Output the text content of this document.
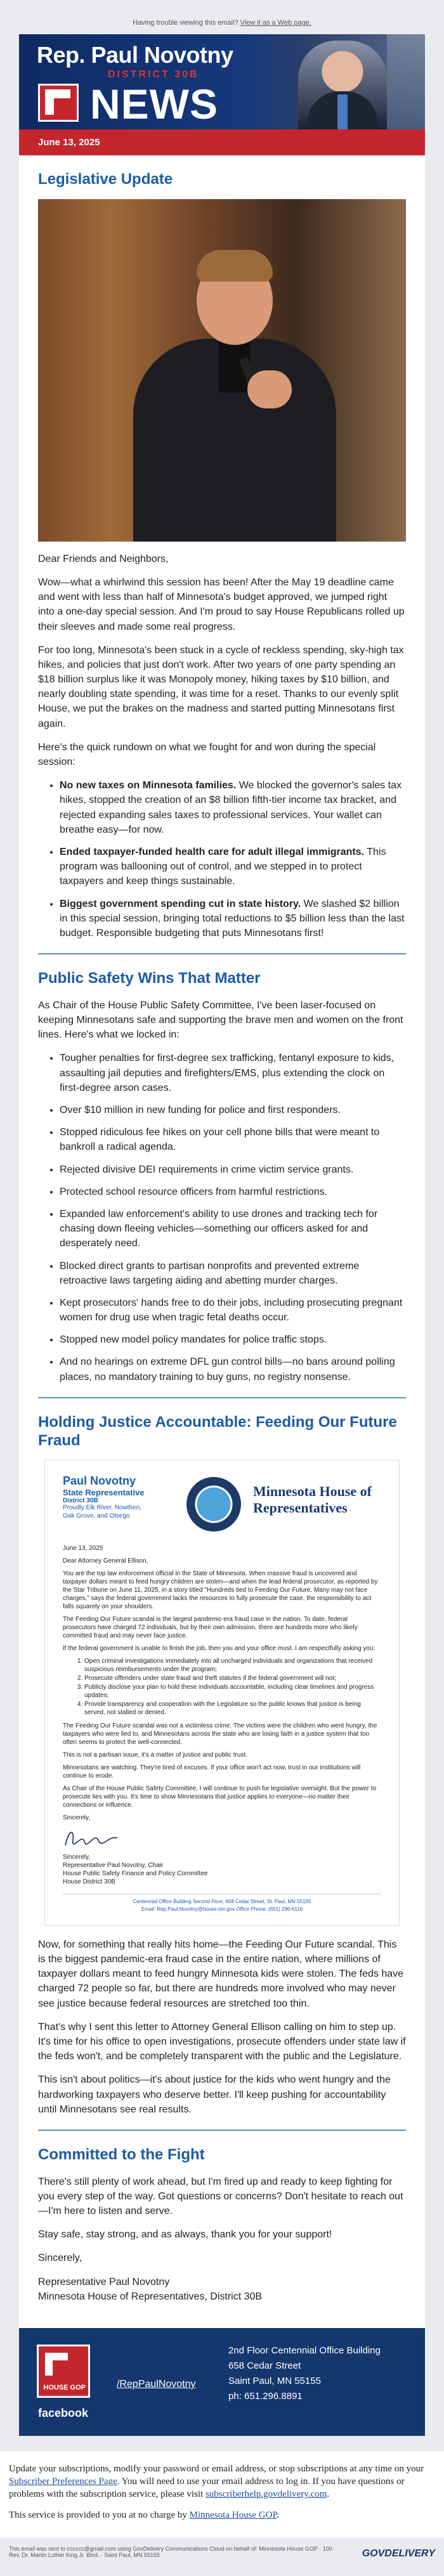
Having trouble viewing this email? View it as a Web page.
Rep. Paul Novotny
DISTRICT 30B
NEWS
June 13, 2025
Legislative Update

Dear Friends and Neighbors,

Wow—what a whirlwind this session has been! After the May 19 deadline came and went with less than half of Minnesota's budget approved, we jumped right into a one-day special session. And I'm proud to say House Republicans rolled up their sleeves and made some real progress.

For too long, Minnesota's been stuck in a cycle of reckless spending, sky-high tax hikes, and policies that just don't work. After two years of one party spending an $18 billion surplus like it was Monopoly money, hiking taxes by $10 billion, and nearly doubling state spending, it was time for a reset. Thanks to our evenly split House, we put the brakes on the madness and started putting Minnesotans first again.

Here's the quick rundown on what we fought for and won during the special session:

• No new taxes on Minnesota families. We blocked the governor's sales tax hikes, stopped the creation of an $8 billion fifth-tier income tax bracket, and rejected expanding sales taxes to professional services. Your wallet can breathe easy—for now.
• Ended taxpayer-funded health care for adult illegal immigrants. This program was ballooning out of control, and we stepped in to protect taxpayers and keep things sustainable.
• Biggest government spending cut in state history. We slashed $2 billion in this special session, bringing total reductions to $5 billion less than the last budget. Responsible budgeting that puts Minnesotans first!
Public Safety Wins That Matter

As Chair of the House Public Safety Committee, I've been laser-focused on keeping Minnesotans safe and supporting the brave men and women on the front lines. Here's what we locked in:

• Tougher penalties for first-degree sex trafficking, fentanyl exposure to kids, assaulting jail deputies and firefighters/EMS, plus extending the clock on first-degree arson cases.
• Over $10 million in new funding for police and first responders.
• Stopped ridiculous fee hikes on your cell phone bills that were meant to bankroll a radical agenda.
• Rejected divisive DEI requirements in crime victim service grants.
• Protected school resource officers from harmful restrictions.
• Expanded law enforcement's ability to use drones and tracking tech for chasing down fleeing vehicles—something our officers asked for and desperately need.
• Blocked direct grants to partisan nonprofits and prevented extreme retroactive laws targeting aiding and abetting murder charges.
• Kept prosecutors' hands free to do their jobs, including prosecuting pregnant women for drug use when tragic fetal deaths occur.
• Stopped new model policy mandates for police traffic stops.
• And no hearings on extreme DFL gun control bills—no bans around polling places, no mandatory training to buy guns, no registry nonsense.
Holding Justice Accountable: Feeding Our Future Fraud
Paul Novotny
State Representative
District 30B
Proudly Elk River, Nowthen, Oak Grove, and Otsego
Minnesota House of Representatives

June 13, 2025

Dear Attorney General Ellison,

You are the top law enforcement official in the State of Minnesota. When massive fraud is uncovered and taxpayer dollars meant to feed hungry children are stolen—and when the lead federal prosecutor, as reported by the Star Tribune on June 11, 2025, in a story titled "Hundreds tied to Feeding Our Future. Many may not face charges," says the federal government lacks the resources to fully prosecute the case, the responsibility to act falls squarely on your shoulders.

The Feeding Our Future scandal is the largest pandemic-era fraud case in the nation. To date, federal prosecutors have charged 72 individuals, but by their own admission, there are hundreds more who likely committed fraud and may never face justice.

If the federal government is unable to finish the job, then you and your office must. I am respectfully asking you:

1. Open criminal investigations immediately into all uncharged individuals and organizations that received suspicious reimbursements under the program;
2. Prosecute offenders under state fraud and theft statutes if the federal government will not;
3. Publicly disclose your plan to hold these individuals accountable, including clear timelines and progress updates;
4. Provide transparency and cooperation with the Legislature so the public knows that justice is being served, not stalled or denied.

The Feeding Our Future scandal was not a victimless crime. The victims were the children who went hungry, the taxpayers who were lied to, and Minnesotans across the state who are losing faith in a justice system that too often seems to protect the well-connected.

This is not a partisan issue, it's a matter of justice and public trust.

Minnesotans are watching. They're tired of excuses. If your office won't act now, trust in our institutions will continue to erode.

As Chair of the House Public Safety Committee, I will continue to push for legislative oversight. But the power to prosecute lies with you. It's time to show Minnesotans that justice applies to everyone—no matter their connections or influence.

Sincerely,

Sincerely,

Representative Paul Novotny, Chair

House Public Safety Finance and Policy Committee

House District 30B

Centennial Office Building Second Floor, 658 Cedar Street, St. Paul, MN 55155
Email: Rep.Paul.Novotny@house.mn.gov Office Phone: (651) 296-6116

Now, for something that really hits home—the Feeding Our Future scandal. This is the biggest pandemic-era fraud case in the entire nation, where millions of taxpayer dollars meant to feed hungry Minnesota kids were stolen. The feds have charged 72 people so far, but there are hundreds more involved who may never see justice because federal resources are stretched too thin.

That's why I sent this letter to Attorney General Ellison calling on him to step up. It's time for his office to open investigations, prosecute offenders under state law if the feds won't, and be completely transparent with the public and the Legislature.

This isn't about politics—it's about justice for the kids who went hungry and the hardworking taxpayers who deserve better. I'll keep pushing for accountability until Minnesotans see real results.

Committed to the Fight

There's still plenty of work ahead, but I'm fired up and ready to keep fighting for you every step of the way. Got questions or concerns? Don't hesitate to reach out—I'm here to listen and serve.

Stay safe, stay strong, and as always, thank you for your support!

Sincerely,

Representative Paul Novotny

Minnesota House of Representatives, District 30B

HOUSE GOP
facebook
/RepPaulNovotny
2nd Floor Centennial Office Building
658 Cedar Street
Saint Paul, MN 55155
ph: 651.296.8891

Update your subscriptions, modify your password or email address, or stop subscriptions at any time on your Subscriber Preferences Page. You will need to use your email address to log in. If you have questions or problems with the subscription service, please visit subscriberhelp.govdelivery.com.

This service is provided to you at no charge by Minnesota House GOP.

This email was sent to cccccc@gmail.com using GovDelivery Communications Cloud on behalf of: Minnesota House GOP · 100 Rev. Dr. Martin Luther King Jr. Blvd. · Saint Paul, MN 55155	GOVDELIVERY
